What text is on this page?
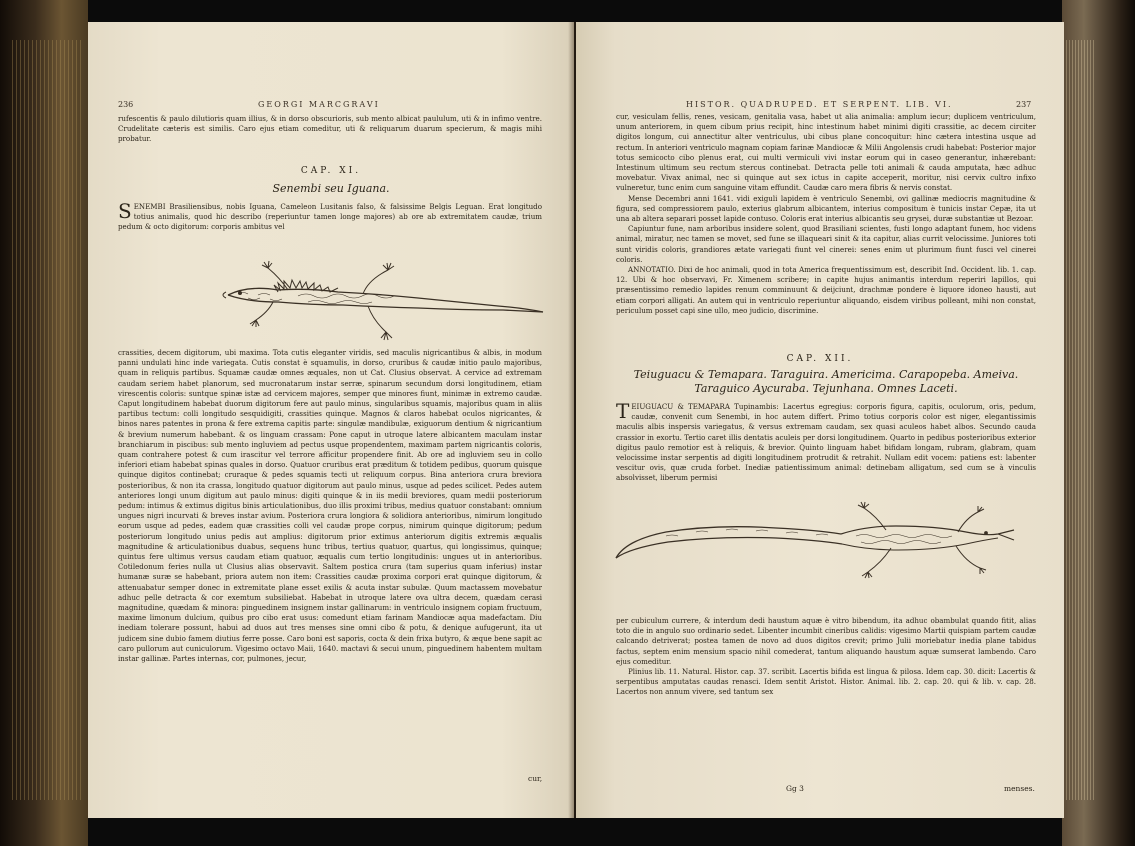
236	GEORGI MARCGRAVI

rufescentis & paulo dilutioris quam illius, & in dorso obscurioris, sub mento albicat paululum, uti & in infimo ventre. Crudelitate cæteris est similis. Caro ejus etiam comeditur, uti & reliquarum duarum specierum, & magis mihi probatur.

CAP. XI.
Senembi seu Iguana.
S ENEMBI Brasiliensibus, nobis Iguana, Cameleon Lusitanis falso, & falsissime Belgis Leguan. Erat longitudo totius animalis, quod hic describo (reperiuntur tamen longe majores) ab ore ab extremitatem caudæ, trium pedum & octo digitorum: corporis ambitus vel

crassities, decem digitorum, ubi maxima. Tota cutis eleganter viridis, sed maculis nigricantibus & albis, in modum panni undulati hinc inde variegata. Cutis constat è squamulis, in dorso, cruribus & caudæ initio paulo majoribus, quam in reliquis partibus. Squamæ caudæ omnes æquales, non ut Cat. Clusius observat. A cervice ad extremam caudam seriem habet planorum, sed mucronatarum instar serræ, spinarum secundum dorsi longitudinem, etiam virescentis coloris: suntque spinæ istæ ad cervicem majores, semper que minores fiunt, minimæ in extremo caudæ. Caput longitudinem habebat duorum digitorum fere aut paulo minus, singularibus squamis, majoribus quam in aliis partibus tectum: colli longitudo sesquidigiti, crassities quinque. Magnos & claros habebat oculos nigricantes, & binos nares patentes in prona & fere extrema capitis parte: singulæ mandibulæ, exiguorum dentium & nigricantium & brevium numerum habebant. & os linguam crassam: Pone caput in utroque latere albicantem maculam instar branchiarum in piscibus: sub mento ingluviem ad pectus usque propendentem, maximam partem nigricantis coloris, quam contrahere potest & cum irascitur vel terrore afficitur propendere finit. Ab ore ad ingluviem seu in collo inferiori etiam habebat spinas quales in dorso. Quatuor cruribus erat præditum & totidem pedibus, quorum quisque quinque digitos continebat; cruraque & pedes squamis tecti ut reliquum corpus. Bina anteriora crura breviora posterioribus, & non ita crassa, longitudo quatuor digitorum aut paulo minus, usque ad pedes scilicet. Pedes autem anteriores longi unum digitum aut paulo minus: digiti quinque & in iis medii breviores, quam medii posteriorum pedum: intimus & extimus digitus binis articulationibus, duo illis proximi tribus, medius quatuor constabant: omnium ungues nigri incurvati & breves instar avium. Posteriora crura longiora & solidiora anterioribus, nimirum longitudo eorum usque ad pedes, eadem quæ crassities colli vel caudæ prope corpus, nimirum quinque digitorum; pedum posteriorum longitudo unius pedis aut amplius: digitorum prior extimus anteriorum digitis extremis æqualis magnitudine & articulationibus duabus, sequens hunc tribus, tertius quatuor, quartus, qui longissimus, quinque; quintus fere ultimus versus caudam etiam quatuor, æqualis cum tertio longitudinis: ungues ut in anterioribus. Cotiledonum feries nulla ut Clusius alias observavit. Saltem postica crura (tam superius quam inferius) instar humanæ suræ se habebant, priora autem non item: Crassities caudæ proxima corpori erat quinque digitorum, & attenuabatur semper donec in extremitate plane esset exilis & acuta instar subulæ. Quum mactassem movebatur adhuc pelle detracta & cor exemtum subsiliebat. Habebat in utroque latere ova ultra decem, quædam cerasi magnitudine, quædam & minora: pinguedinem insignem instar gallinarum: in ventriculo insignem copiam fructuum, maxime limonum dulcium, quibus pro cibo erat usus: comedunt etiam farinam Mandiocæ aqua madefactam. Diu inediam tolerare possunt, habui ad duos aut tres menses sine omni cibo & potu, & denique aufugerunt, ita ut judicem sine dubio famem diutius ferre posse. Caro boni est saporis, cocta & dein frixa butyro, & æque bene sapit ac caro pullorum aut cuniculorum. Vigesimo octavo Maii, 1640. mactavi & secui unum, pinguedinem habentem multam instar gallinæ. Partes internas, cor, pulmones, jecur,

cur,
HISTOR. QUADRUPED. ET SERPENT. LIB. VI.	237

cur, vesiculam fellis, renes, vesicam, genitalia vasa, habet ut alia animalia: amplum iecur; duplicem ventriculum, unum anteriorem, in quem cibum prius recipit, hinc intestinum habet minimi digiti crassitie, ac decem circiter digitos longum, cui annectitur alter ventriculus, ubi cibus plane concoquitur: hinc cætera intestina usque ad rectum. In anteriori ventriculo magnam copiam farinæ Mandiocæ & Milii Angolensis crudi habebat: Posterior major totus semicocto cibo plenus erat, cui multi vermiculi vivi instar eorum qui in caseo generantur, inhærebant: Intestinum ultimum seu rectum stercus continebat. Detracta pelle toti animali & cauda amputata, hæc adhuc movebatur. Vivax animal, nec si quinque aut sex ictus in capite acceperit, moritur, nisi cervix cultro infixo vulneretur, tunc enim cum sanguine vitam effundit. Caudæ caro mera fibris & nervis constat.

Mense Decembri anni 1641. vidi exiguli lapidem è ventriculo Senembi, ovi gallinæ mediocris magnitudine & figura, sed compressiorem paulo, exterius glabrum albicantem, interius compositum è tunicis instar Cepæ, ita ut una ab altera separari posset lapide contuso. Coloris erat interius albicantis seu grysei, duræ substantiæ ut Bezoar.

Capiuntur fune, nam arboribus insidere solent, quod Brasiliani scientes, fusti longo adaptant funem, hoc videns animal, miratur, nec tamen se movet, sed fune se illaqueari sinit & ita capitur, alias currit velocissime. Juniores toti sunt viridis coloris, grandiores ætate variegati fiunt vel cinerei: senes enim ut plurimum fiunt fusci vel cinerei coloris.

ANNOTATIO. Dixi de hoc animali, quod in tota America frequentissimum est, describit Ind. Occident. lib. 1. cap. 12. Ubi & hoc observavi, Fr. Ximenem scribere; in capite hujus animantis interdum reperiri lapillos, qui præsentissimo remedio lapides renum comminuunt & deijciunt, drachmæ pondere è liquore idoneo hausti, aut etiam corpori alligati. An autem qui in ventriculo reperiuntur aliquando, eisdem viribus polleant, mihi non constat, periculum posset capi sine ullo, meo judicio, discrimine.

CAP. XII.
Teiuguacu & Temapara. Taraguira. Americima. Carapopeba. Ameiva. Taraguico Aycuraba. Tejunhana. Omnes Laceti.
T EIUGUACU & TEMAPARA Tupinambis: Lacertus egregius: corporis figura, capitis, oculorum, oris, pedum, caudæ, convenit cum Senembi, in hoc autem differt. Primo totius corporis color est niger, elegantissimis maculis albis inspersis variegatus, & versus extremam caudam, sex quasi aculeos habet albos. Secundo cauda crassior in exortu. Tertio caret illis dentatis aculeis per dorsi longitudinem. Quarto in pedibus posterioribus exterior digitus paulo remotior est à reliquis, & brevior. Quinto linguam habet bifidam longam, rubram, glabram, quam velocissime instar serpentis ad digiti longitudinem protrudit & retrahit. Nullam edit vocem: patiens est: labenter vescitur ovis, quæ cruda forbet. Inediæ patientissimum animal: detinebam alligatum, sed cum se à vinculis absolvisset, liberum permisi

per cubiculum currere, & interdum dedi haustum aquæ è vitro bibendum, ita adhuc obambulat quando fitit, alias toto die in angulo suo ordinario sedet. Libenter incumbit cineribus calidis: vigesimo Martii quispiam partem caudæ calcando detriverat; postea tamen de novo ad duos digitos crevit; primo Julii moriebatur inedia plane tabidus factus, septem enim mensium spacio nihil comederat, tantum aliquando haustum aquæ sumserat lambendo. Caro ejus comeditur.

Plinius lib. 11. Natural. Histor. cap. 37. scribit. Lacertis bifida est lingua & pilosa. Idem cap. 30. dicit: Lacertis & serpentibus amputatas caudas renasci. Idem sentit Aristot. Histor. Animal. lib. 2. cap. 20. qui & lib. v. cap. 28. Lacertos non annum vivere, sed tantum sex

Gg 3	menses.
